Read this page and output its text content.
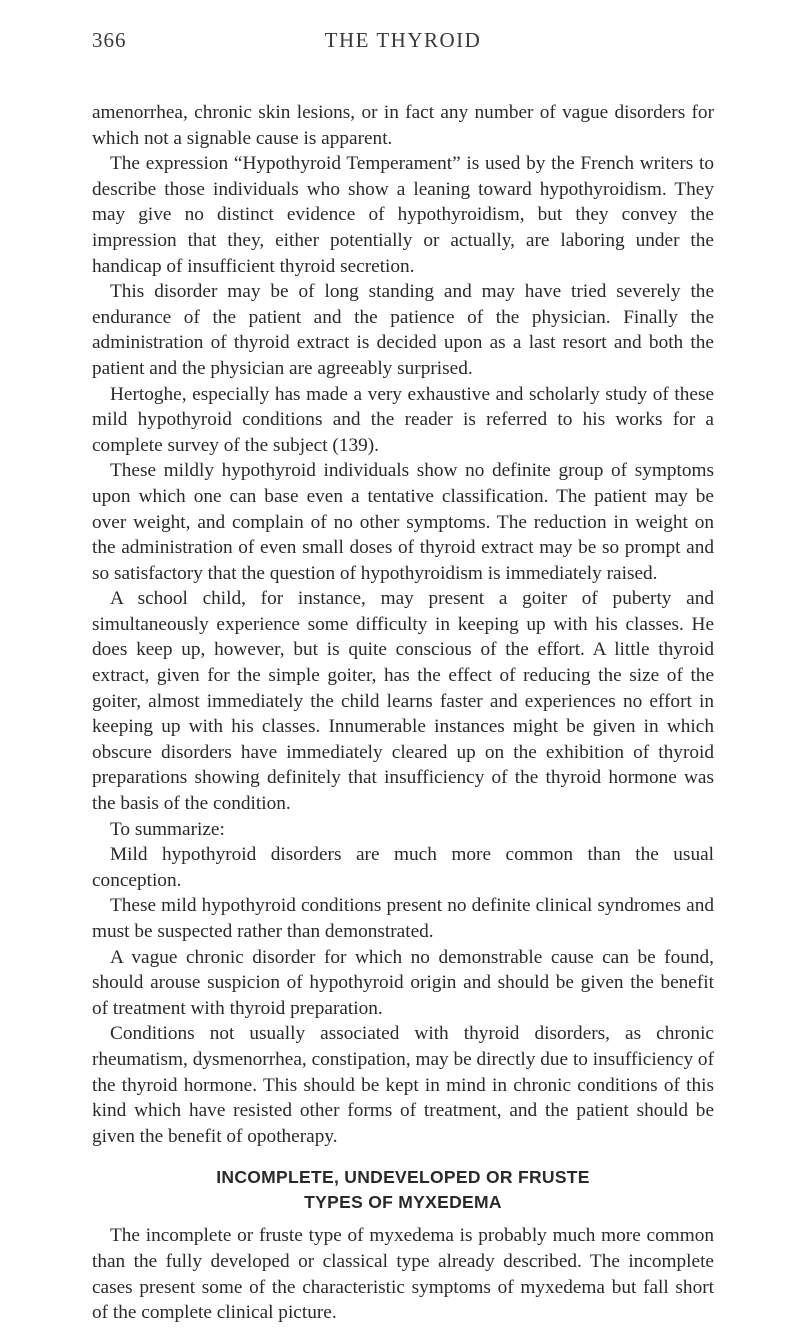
366	THE THYROID

amenorrhea, chronic skin lesions, or in fact any number of vague disorders for which not a signable cause is apparent.

The expression “Hypothyroid Temperament” is used by the French writers to describe those individuals who show a leaning toward hypothyroidism. They may give no distinct evidence of hypothyroidism, but they convey the impression that they, either potentially or actually, are laboring under the handicap of insufficient thyroid secretion.

This disorder may be of long standing and may have tried severely the endurance of the patient and the patience of the physician. Finally the administration of thyroid extract is decided upon as a last resort and both the patient and the physician are agreeably surprised.

Hertoghe, especially has made a very exhaustive and scholarly study of these mild hypothyroid conditions and the reader is referred to his works for a complete survey of the subject (139).

These mildly hypothyroid individuals show no definite group of symptoms upon which one can base even a tentative classification. The patient may be over weight, and complain of no other symptoms. The reduction in weight on the administration of even small doses of thyroid extract may be so prompt and so satisfactory that the question of hypothyroidism is immediately raised.

A school child, for instance, may present a goiter of puberty and simultaneously experience some difficulty in keeping up with his classes. He does keep up, however, but is quite conscious of the effort. A little thyroid extract, given for the simple goiter, has the effect of reducing the size of the goiter, almost immediately the child learns faster and experiences no effort in keeping up with his classes. Innumerable instances might be given in which obscure disorders have immediately cleared up on the exhibition of thyroid preparations showing definitely that insufficiency of the thyroid hormone was the basis of the condition.

To summarize:

Mild hypothyroid disorders are much more common than the usual conception.

These mild hypothyroid conditions present no definite clinical syndromes and must be suspected rather than demonstrated.

A vague chronic disorder for which no demonstrable cause can be found, should arouse suspicion of hypothyroid origin and should be given the benefit of treatment with thyroid preparation.

Conditions not usually associated with thyroid disorders, as chronic rheumatism, dysmenorrhea, constipation, may be directly due to insufficiency of the thyroid hormone. This should be kept in mind in chronic conditions of this kind which have resisted other forms of treatment, and the patient should be given the benefit of opotherapy.

INCOMPLETE, UNDEVELOPED OR FRUSTE
TYPES OF MYXEDEMA

The incomplete or fruste type of myxedema is probably much more common than the fully developed or classical type already described. The incomplete cases present some of the characteristic symptoms of myxedema but fall short of the complete clinical picture.
